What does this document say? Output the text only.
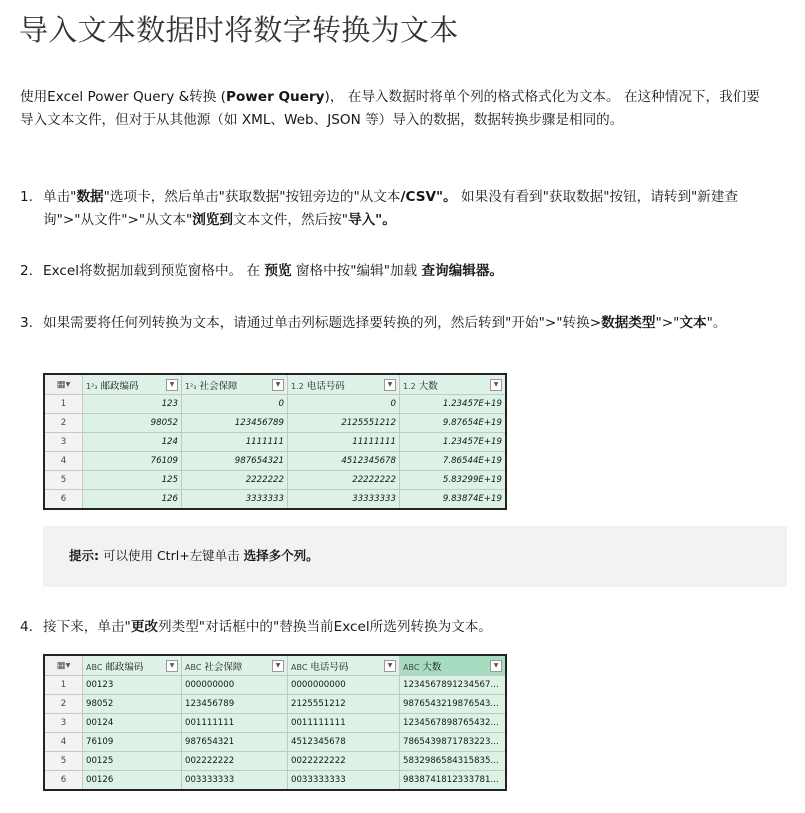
导入文本数据时将数字转换为文本

使用Excel Power Query &转换 (Power Query)， 在导入数据时将单个列的格式格式化为文本。 在这种情况下，我们要导入文本文件，但对于从其他源（如 XML、Web、JSON 等）导入的数据，数据转换步骤是相同的。

1. 单击"数据"选项卡，然后单击"获取数据"按钮旁边的"从文本/CSV"。 如果没有看到"获取数据"按钮，请转到"新建查询">"从文件">"从文本"浏览到文本文件，然后按"导入"。
2. Excel将数据加载到预览窗格中。 在 预览 窗格中按"编辑"加载 查询编辑器。
3. 如果需要将任何列转换为文本，请通过单击列标题选择要转换的列，然后转到"开始">"转换>数据类型">"文本"。
▦▾	1²₃ 邮政编码	▼	1²₃ 社会保障	▼	1.2 电话号码	▼	1.2 大数	▼

1	123	0	0	1.23457E+19
2	98052	123456789	2125551212	9.87654E+19
3	124	1111111	11111111	1.23457E+19
4	76109	987654321	4512345678	7.86544E+19
5	125	2222222	22222222	5.83299E+19
6	126	3333333	33333333	9.83874E+19
提示: 可以使用 Ctrl+左键单击 选择多个列。
4. 接下来，单击"更改列类型"对话框中的"替换当前Excel所选列转换为文本。
▦▾	ABC 邮政编码	▼	ABC 社会保障	▼	ABC 电话号码	▼	ABC 大数	▼

1	00123	000000000	0000000000	1234567891234567...
2	98052	123456789	2125551212	9876543219876543...
3	00124	001111111	0011111111	1234567898765432...
4	76109	987654321	4512345678	7865439871783223...
5	00125	002222222	0022222222	5832986584315835...
6	00126	003333333	0033333333	9838741812333781...
